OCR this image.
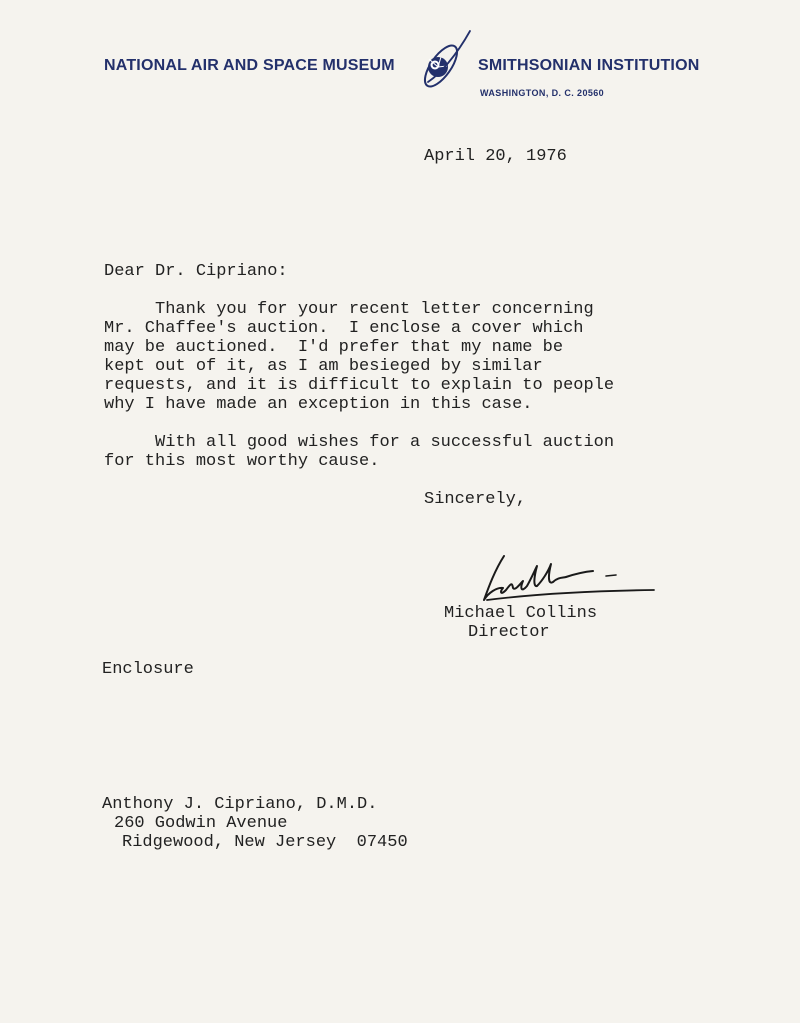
NATIONAL AIR AND SPACE MUSEUM	SMITHSONIAN INSTITUTION
WASHINGTON, D. C. 20560
April 20, 1976
Dear Dr. Cipriano:
Thank you for your recent letter concerning
Mr. Chaffee's auction.  I enclose a cover which
may be auctioned.  I'd prefer that my name be
kept out of it, as I am besieged by similar
requests, and it is difficult to explain to people
why I have made an exception in this case.
With all good wishes for a successful auction
for this most worthy cause.
Sincerely,
Michael Collins
Director
Enclosure
Anthony J. Cipriano, D.M.D.
260 Godwin Avenue
Ridgewood, New Jersey  07450
